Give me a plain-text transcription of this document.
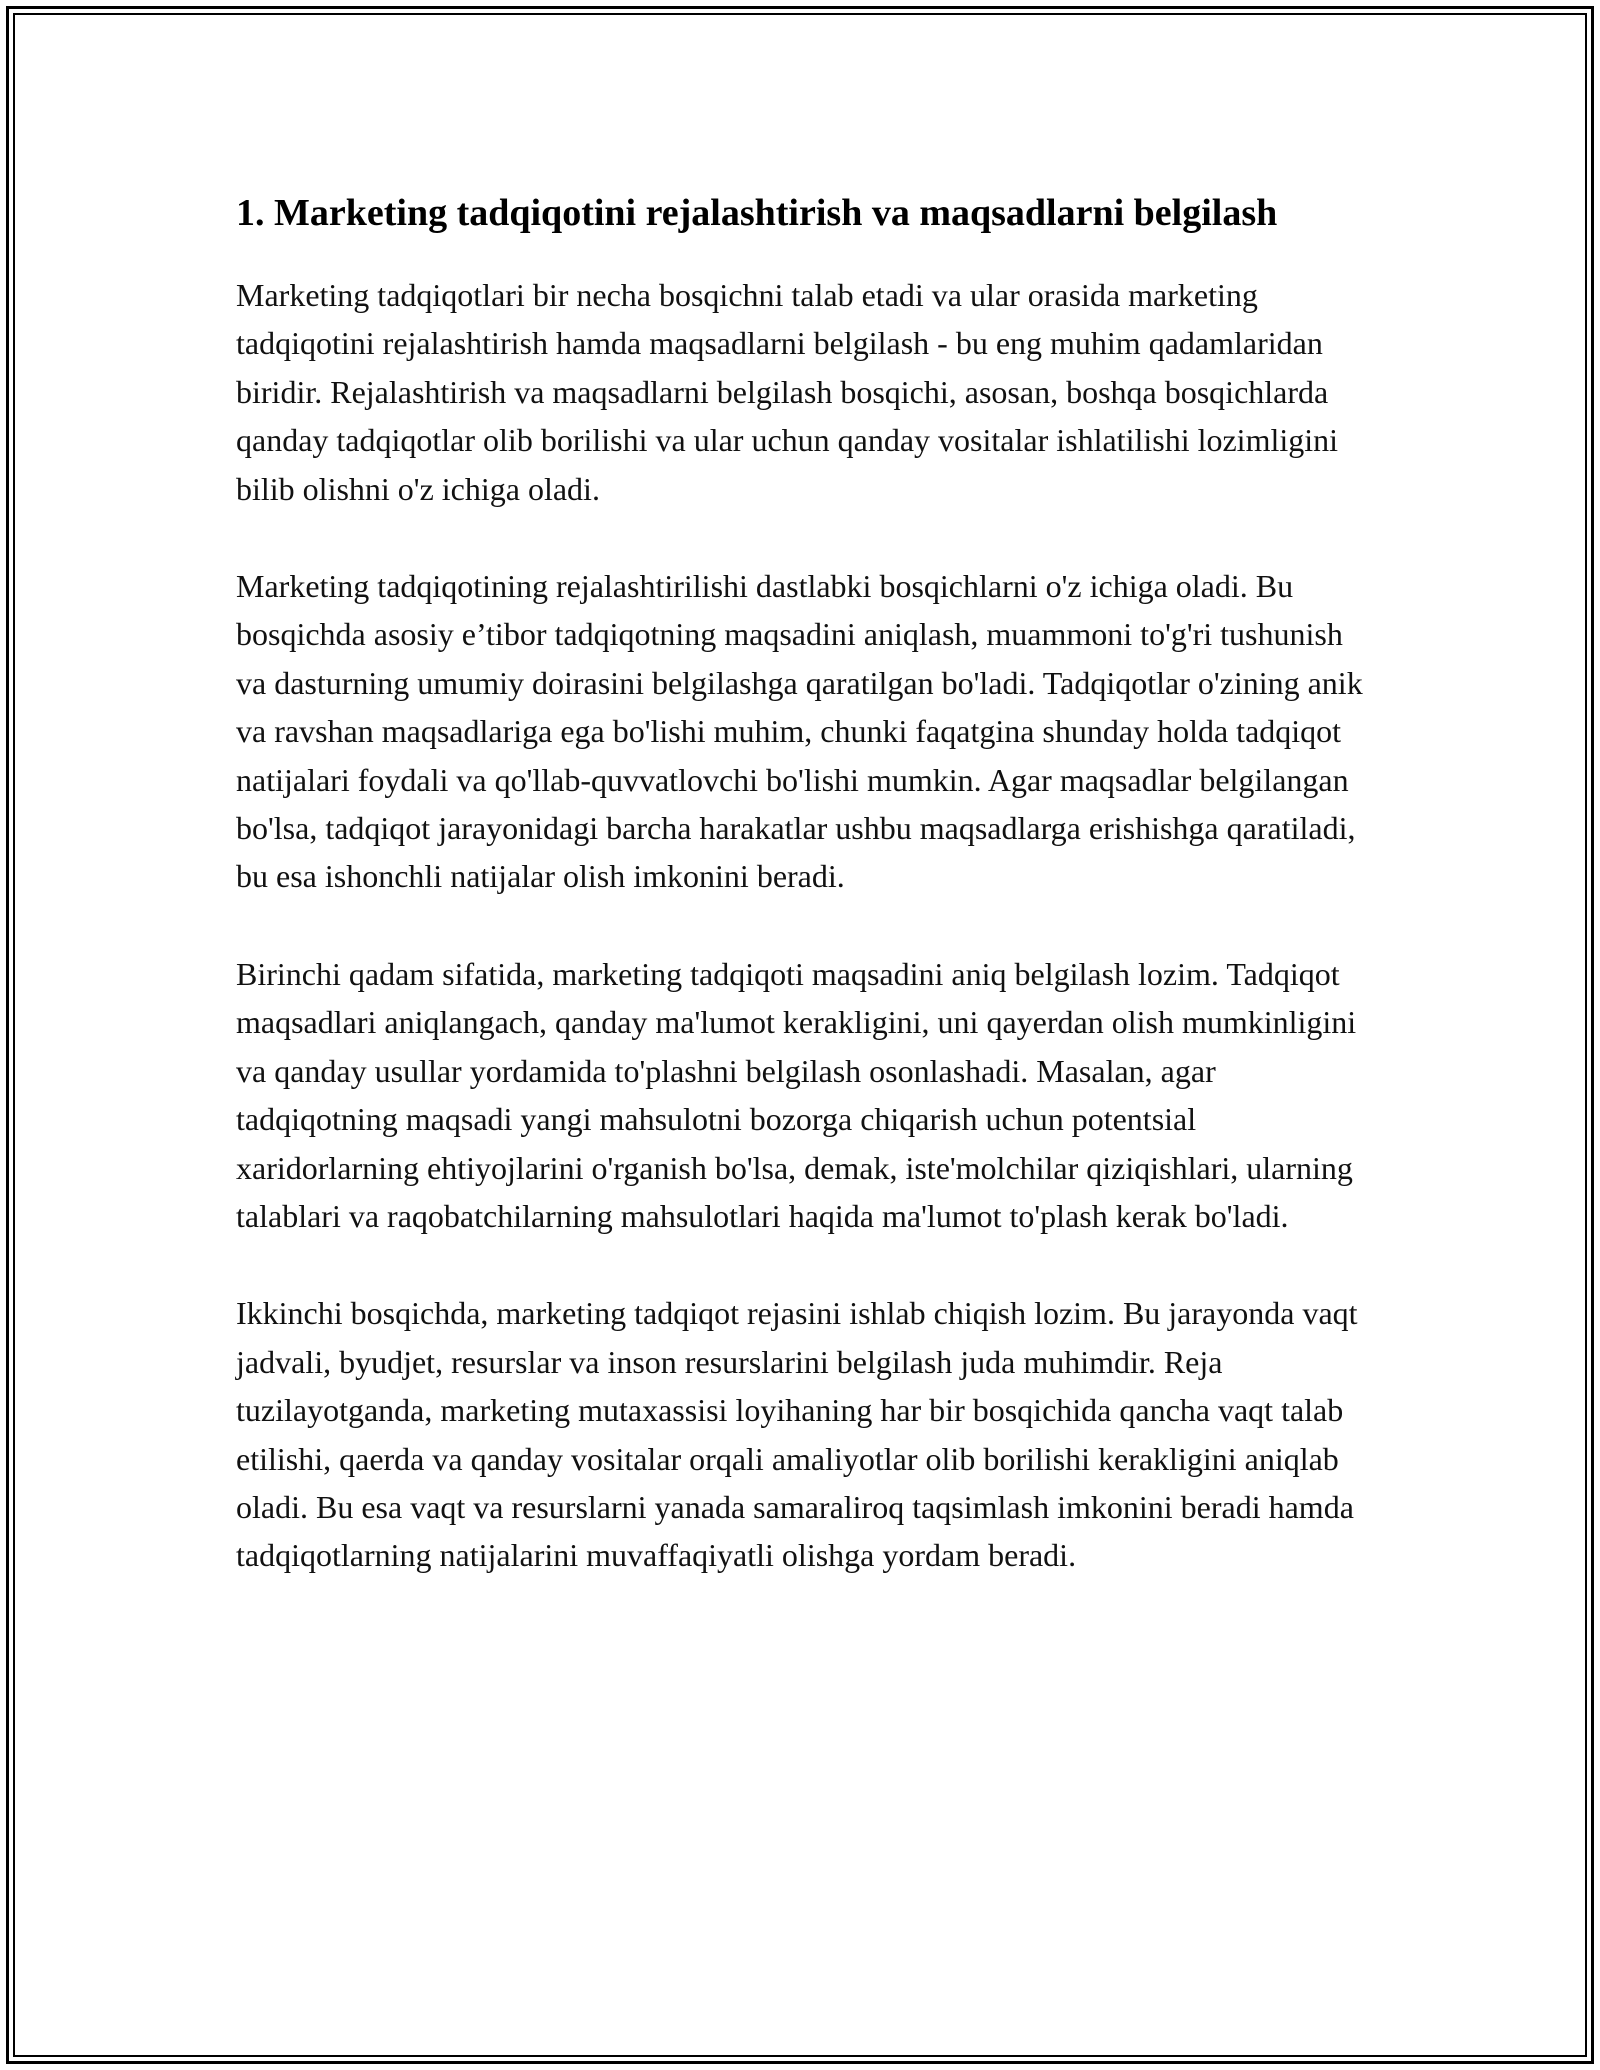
1. Marketing tadqiqotini rejalashtirish va maqsadlarni belgilash

Marketing tadqiqotlari bir necha bosqichni talab etadi va ular orasida marketing tadqiqotini rejalashtirish hamda maqsadlarni belgilash - bu eng muhim qadamlaridan biridir. Rejalashtirish va maqsadlarni belgilash bosqichi, asosan, boshqa bosqichlarda qanday tadqiqotlar olib borilishi va ular uchun qanday vositalar ishlatilishi lozimligini bilib olishni o'z ichiga oladi.

Marketing tadqiqotining rejalashtirilishi dastlabki bosqichlarni o'z ichiga oladi. Bu bosqichda asosiy e’tibor tadqiqotning maqsadini aniqlash, muammoni to'g'ri tushunish va dasturning umumiy doirasini belgilashga qaratilgan bo'ladi. Tadqiqotlar o'zining anik va ravshan maqsadlariga ega bo'lishi muhim, chunki faqatgina shunday holda tadqiqot natijalari foydali va qo'llab-quvvatlovchi bo'lishi mumkin. Agar maqsadlar belgilangan bo'lsa, tadqiqot jarayonidagi barcha harakatlar ushbu maqsadlarga erishishga qaratiladi, bu esa ishonchli natijalar olish imkonini beradi.

Birinchi qadam sifatida, marketing tadqiqoti maqsadini aniq belgilash lozim. Tadqiqot maqsadlari aniqlangach, qanday ma'lumot kerakligini, uni qayerdan olish mumkinligini va qanday usullar yordamida to'plashni belgilash osonlashadi. Masalan, agar tadqiqotning maqsadi yangi mahsulotni bozorga chiqarish uchun potentsial xaridorlarning ehtiyojlarini o'rganish bo'lsa, demak, iste'molchilar qiziqishlari, ularning talablari va raqobatchilarning mahsulotlari haqida ma'lumot to'plash kerak bo'ladi.

Ikkinchi bosqichda, marketing tadqiqot rejasini ishlab chiqish lozim. Bu jarayonda vaqt jadvali, byudjet, resurslar va inson resurslarini belgilash juda muhimdir. Reja tuzilayotganda, marketing mutaxassisi loyihaning har bir bosqichida qancha vaqt talab etilishi, qaerda va qanday vositalar orqali amaliyotlar olib borilishi kerakligini aniqlab oladi. Bu esa vaqt va resurslarni yanada samaraliroq taqsimlash imkonini beradi hamda tadqiqotlarning natijalarini muvaffaqiyatli olishga yordam beradi.
